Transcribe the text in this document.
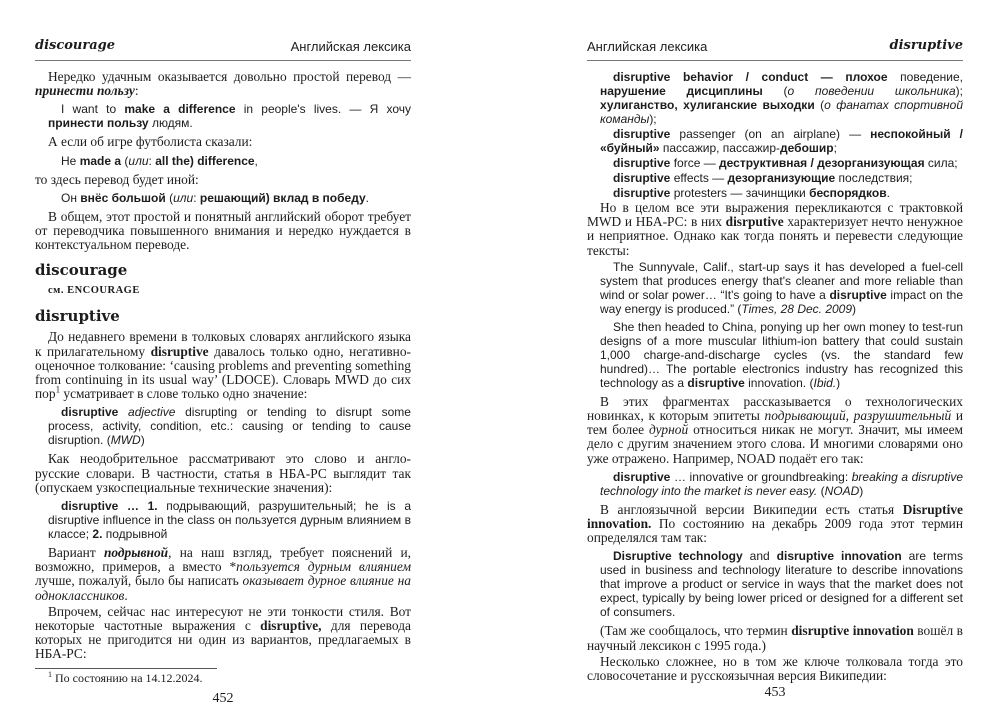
discourage	Английская лексика
Нередко удачным оказывается довольно простой перевод — принести пользу:
I want to make a difference in people's lives. — Я хочу принести пользу людям.
А если об игре футболиста сказали:
He made a (или: all the) difference,
то здесь перевод будет иной:
Он внёс большой (или: решающий) вклад в победу.
В общем, этот простой и понятный английский оборот требует от переводчика повышенного внимания и нередко нуждается в контекстуальном переводе.
discourage
см. ENCOURAGE
disruptive
До недавнего времени в толковых словарях английского языка к прилагательному disruptive давалось только одно, негативно-оценочное толкование: ‘causing problems and preventing something from continuing in its usual way’ (LDOCE). Словарь MWD до сих пор$^1$ усматривает в слове только одно значение:
disruptive adjective disrupting or tending to disrupt some process, activity, condition, etc.: causing or tending to cause disruption. (MWD)
Как неодобрительное рассматривают это слово и англо-русские словари. В частности, статья в НБА-РС выглядит так (опускаем узкоспециальные технические значения):
disruptive … 1. подрывающий, разрушительный; he is a disruptive influence in the class он пользуется дурным влиянием в классе; 2. подрывной
Вариант подрывной, на наш взгляд, требует пояснений и, возможно, примеров, а вместо *пользуется дурным влиянием лучше, пожалуй, было бы написать оказывает дурное влияние на одноклассников.
Впрочем, сейчас нас интересуют не эти тонкости стиля. Вот некоторые частотные выражения с disruptive, для перевода которых не пригодится ни один из вариантов, предлагаемых в НБА-РС:
$^1$ По состоянию на 14.12.2024.
452
Английская лексика	disruptive
disruptive behavior / conduct — плохое поведение, нарушение дисциплины (о поведении школьника); хулиганство, хулиганские выходки (о фанатах спортивной команды);
disruptive passenger (on an airplane) — неспокойный / «буйный» пассажир, пассажир-дебошир;
disruptive force — деструктивная / дезорганизующая сила;
disruptive effects — дезорганизующие последствия;
disruptive protesters — зачинщики беспорядков.
Но в целом все эти выражения перекликаются с трактовкой MWD и НБА-РС: в них disrputive характеризует нечто ненужное и неприятное. Однако как тогда понять и перевести следующие тексты:
The Sunnyvale, Calif., start-up says it has developed a fuel-cell system that produces energy that's cleaner and more reliable than wind or solar power… “It's going to have a disruptive impact on the way energy is produced.” (Times, 28 Dec. 2009)
She then headed to China, ponying up her own money to test-run designs of a more muscular lithium-ion battery that could sustain 1,000 charge-and-discharge cycles (vs. the standard few hundred)… The portable electronics industry has recognized this technology as a disruptive innovation. (Ibid.)
В этих фрагментах рассказывается о технологических новинках, к которым эпитеты подрывающий, разрушительный и тем более дурной относиться никак не могут. Значит, мы имеем дело с другим значением этого слова. И многими словарями оно уже отражено. Например, NOAD подаёт его так:
disruptive … innovative or groundbreaking: breaking a disruptive technology into the market is never easy. (NOAD)
В англоязычной версии Википедии есть статья Disruptive innovation. По состоянию на декабрь 2009 года этот термин определялся там так:
Disruptive technology and disruptive innovation are terms used in business and technology literature to describe innovations that improve a product or service in ways that the market does not expect, typically by being lower priced or designed for a different set of consumers.
(Там же сообщалось, что термин disruptive innovation вошёл в научный лексикон с 1995 года.)
Несколько сложнее, но в том же ключе толковала тогда это словосочетание и русскоязычная версия Википедии:
453
